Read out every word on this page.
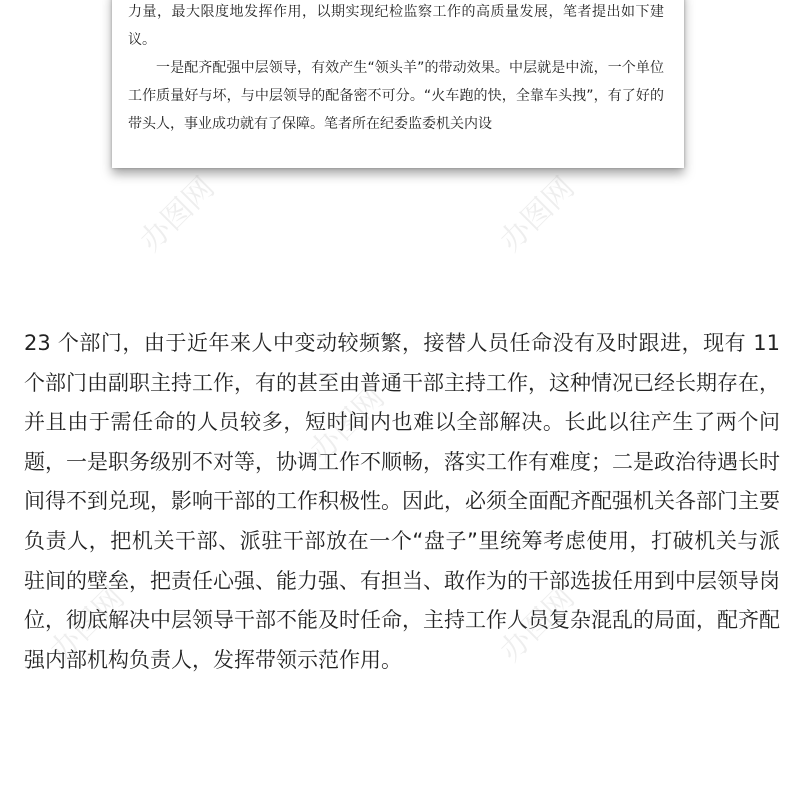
力量，最大限度地发挥作用，以期实现纪检监察工作的高质量发展，笔者提出如下建议。

一是配齐配强中层领导，有效产生“领头羊”的带动效果。中层就是中流，一个单位工作质量好与坏，与中层领导的配备密不可分。“火车跑的快，全靠车头拽”，有了好的带头人，事业成功就有了保障。笔者所在纪委监委机关内设

23 个部门，由于近年来人中变动较频繁，接替人员任命没有及时跟进，现有 11 个部门由副职主持工作，有的甚至由普通干部主持工作，这种情况已经长期存在，并且由于需任命的人员较多，短时间内也难以全部解决。长此以往产生了两个问题，一是职务级别不对等，协调工作不顺畅，落实工作有难度；二是政治待遇长时间得不到兑现，影响干部的工作积极性。因此，必须全面配齐配强机关各部门主要负责人，把机关干部、派驻干部放在一个“盘子”里统筹考虑使用，打破机关与派驻间的壁垒，把责任心强、能力强、有担当、敢作为的干部选拔任用到中层领导岗位，彻底解决中层领导干部不能及时任命，主持工作人员复杂混乱的局面，配齐配强内部机构负责人，发挥带领示范作用。

办图网	办图网
办图网
办图网	办图网
